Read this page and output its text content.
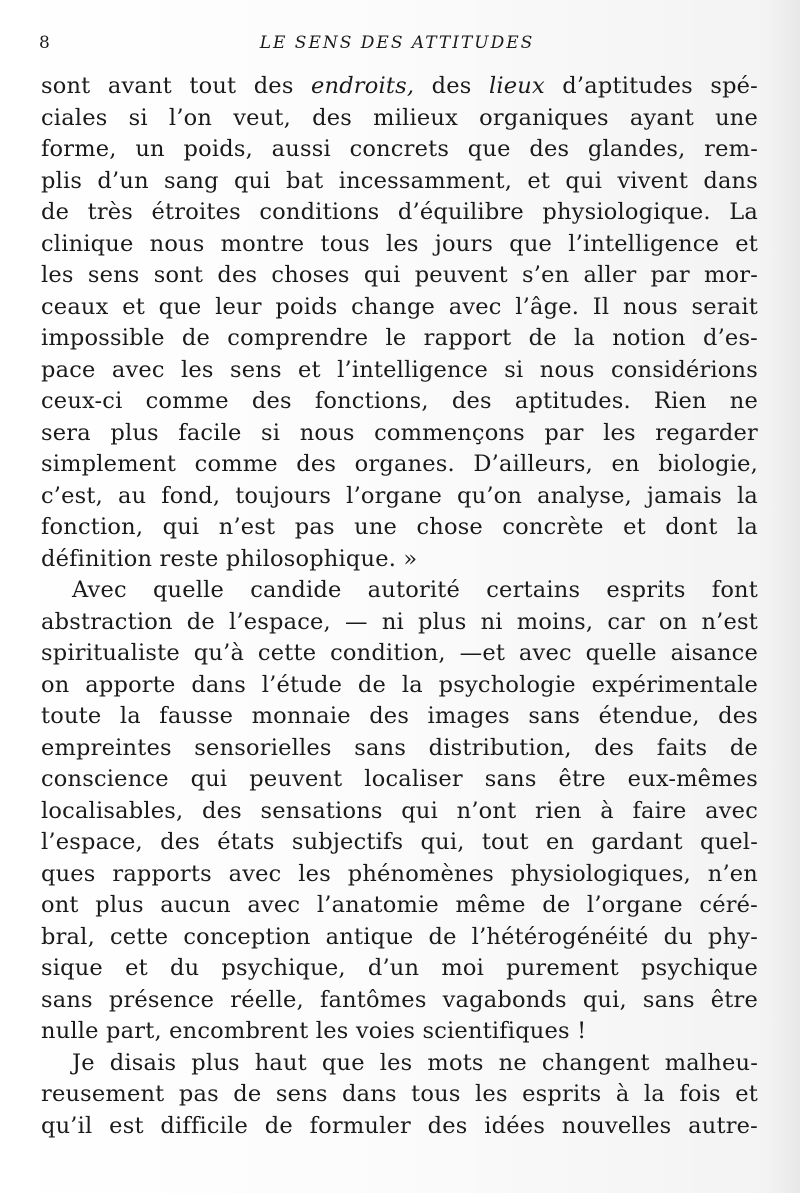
8	LE SENS DES ATTITUDES
sont avant tout des endroits, des lieux d’aptitudes spé-
ciales si l’on veut, des milieux organiques ayant une
forme, un poids, aussi concrets que des glandes, rem-
plis d’un sang qui bat incessamment, et qui vivent dans
de très étroites conditions d’équilibre physiologique. La
clinique nous montre tous les jours que l’intelligence et
les sens sont des choses qui peuvent s’en aller par mor-
ceaux et que leur poids change avec l’âge. Il nous serait
impossible de comprendre le rapport de la notion d’es-
pace avec les sens et l’intelligence si nous considérions
ceux-ci comme des fonctions, des aptitudes. Rien ne
sera plus facile si nous commençons par les regarder
simplement comme des organes. D’ailleurs, en biologie,
c’est, au fond, toujours l’organe qu’on analyse, jamais la
fonction, qui n’est pas une chose concrète et dont la
définition reste philosophique. »
Avec quelle candide autorité certains esprits font
abstraction de l’espace, — ni plus ni moins, car on n’est
spiritualiste qu’à cette condition, —et avec quelle aisance
on apporte dans l’étude de la psychologie expérimentale
toute la fausse monnaie des images sans étendue, des
empreintes sensorielles sans distribution, des faits de
conscience qui peuvent localiser sans être eux-mêmes
localisables, des sensations qui n’ont rien à faire avec
l’espace, des états subjectifs qui, tout en gardant quel-
ques rapports avec les phénomènes physiologiques, n’en
ont plus aucun avec l’anatomie même de l’organe céré-
bral, cette conception antique de l’hétérogénéité du phy-
sique et du psychique, d’un moi purement psychique
sans présence réelle, fantômes vagabonds qui, sans être
nulle part, encombrent les voies scientifiques !
Je disais plus haut que les mots ne changent malheu-
reusement pas de sens dans tous les esprits à la fois et
qu’il est difficile de formuler des idées nouvelles autre-
